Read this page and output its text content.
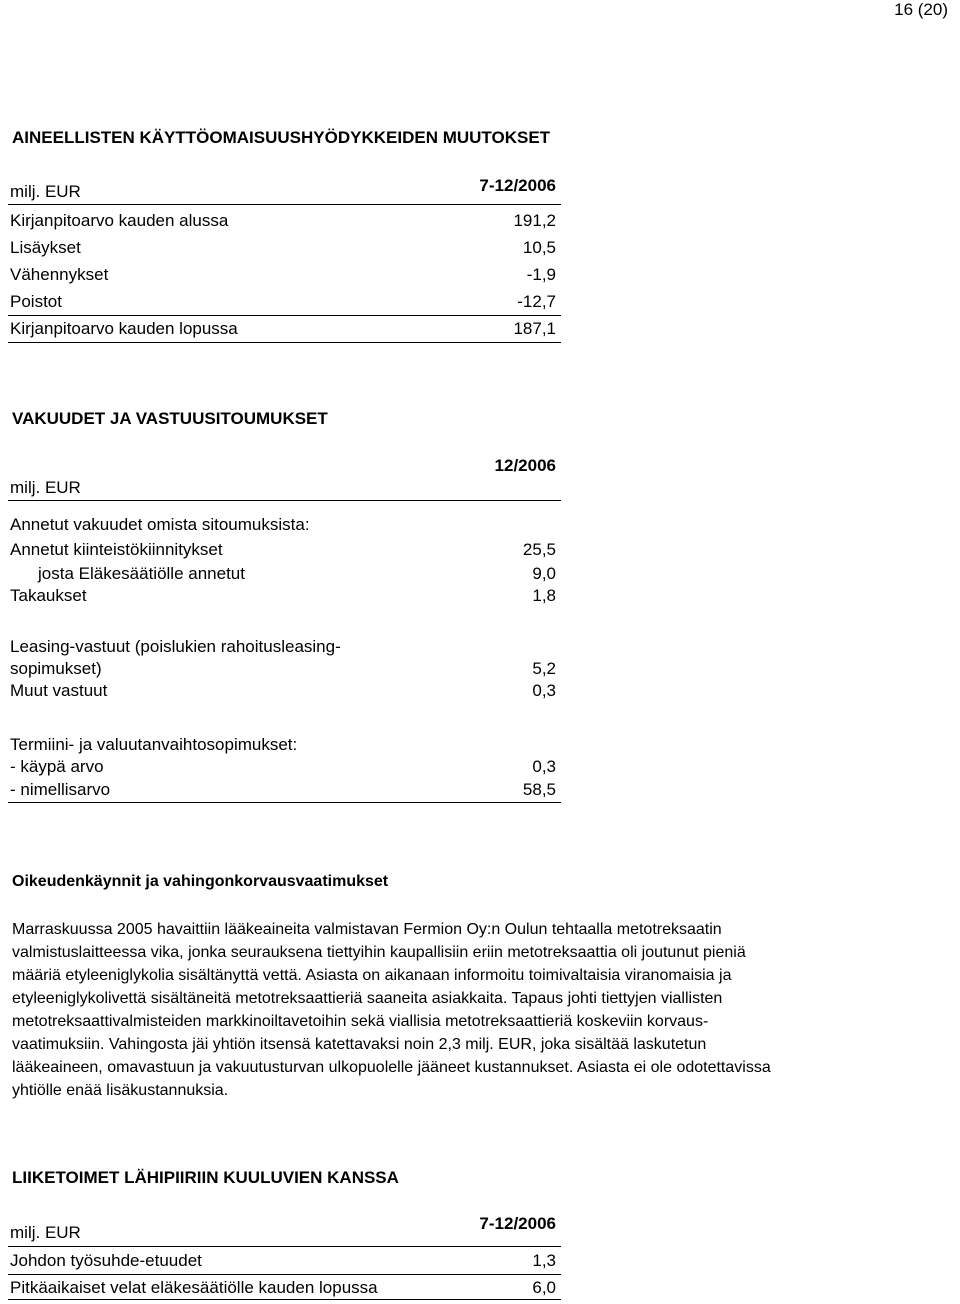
16 (20)
AINEELLISTEN KÄYTTÖOMAISUUSHYÖDYKKEIDEN MUUTOKSET
milj. EUR	7-12/2006
Kirjanpitoarvo kauden alussa	191,2
Lisäykset	10,5
Vähennykset	-1,9
Poistot	-12,7
Kirjanpitoarvo kauden lopussa	187,1
VAKUUDET JA VASTUUSITOUMUKSET
12/2006
milj. EUR
Annetut vakuudet omista sitoumuksista:
Annetut kiinteistökiinnitykset	25,5
josta Eläkesäätiölle annetut	9,0
Takaukset	1,8
Leasing-vastuut (poislukien rahoitusleasing-
sopimukset)	5,2
Muut vastuut	0,3
Termiini- ja valuutanvaihtosopimukset:
- käypä arvo	0,3
- nimellisarvo	58,5
Oikeudenkäynnit ja vahingonkorvausvaatimukset
Marraskuussa 2005 havaittiin lääkeaineita valmistavan Fermion Oy:n Oulun tehtaalla metotreksaatin
valmistuslaitteessa vika, jonka seurauksena tiettyihin kaupallisiin eriin metotreksaattia oli joutunut pieniä
määriä etyleeniglykolia sisältänyttä vettä. Asiasta on aikanaan informoitu toimivaltaisia viranomaisia ja
etyleeniglykolivettä sisältäneitä metotreksaattieriä saaneita asiakkaita. Tapaus johti tiettyjen viallisten
metotreksaattivalmisteiden markkinoiltavetoihin sekä viallisia metotreksaattieriä koskeviin korvaus-
vaatimuksiin. Vahingosta jäi yhtiön itsensä katettavaksi noin 2,3 milj. EUR, joka sisältää laskutetun
lääkeaineen, omavastuun ja vakuutusturvan ulkopuolelle jääneet kustannukset. Asiasta ei ole odotettavissa
yhtiölle enää lisäkustannuksia.
LIIKETOIMET LÄHIPIIRIIN KUULUVIEN KANSSA
7-12/2006
milj. EUR
Johdon työsuhde-etuudet	1,3
Pitkäaikaiset velat eläkesäätiölle kauden lopussa	6,0
